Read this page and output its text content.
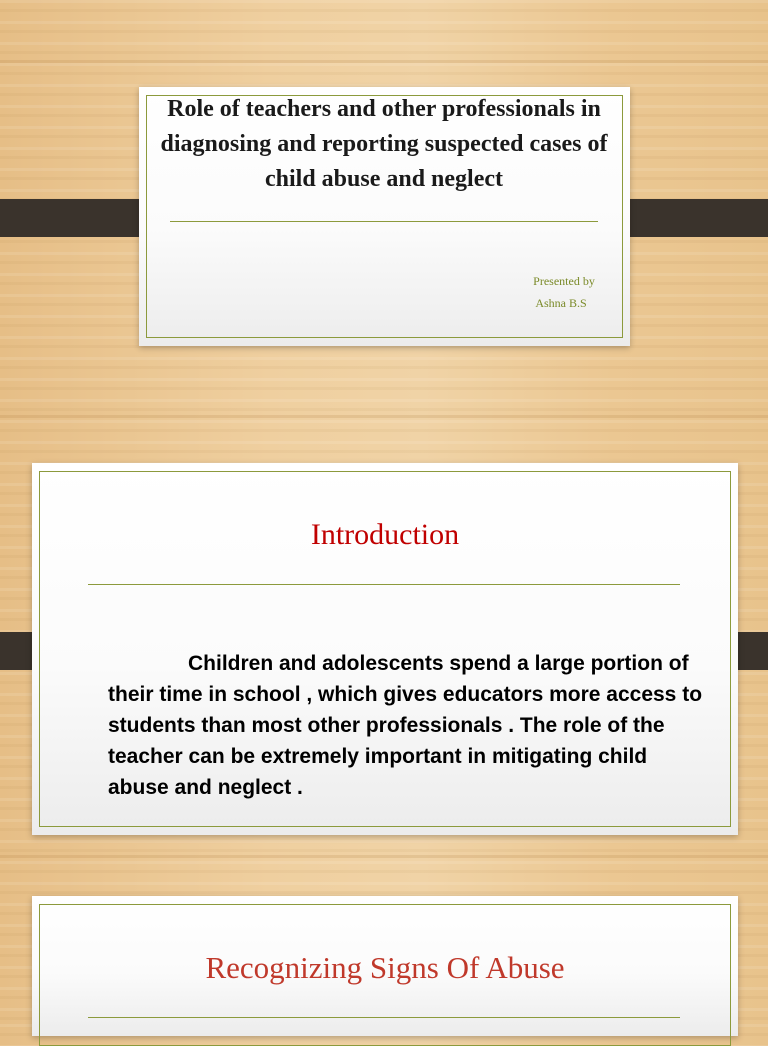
Role of teachers and other professionals in diagnosing and reporting suspected cases of child abuse and neglect
Presented by
Ashna B.S
Introduction
Children and adolescents spend a large portion of their time in school , which gives educators more access to students than most other professionals . The role of the teacher can be extremely important in mitigating child abuse and neglect .
Recognizing Signs Of Abuse
